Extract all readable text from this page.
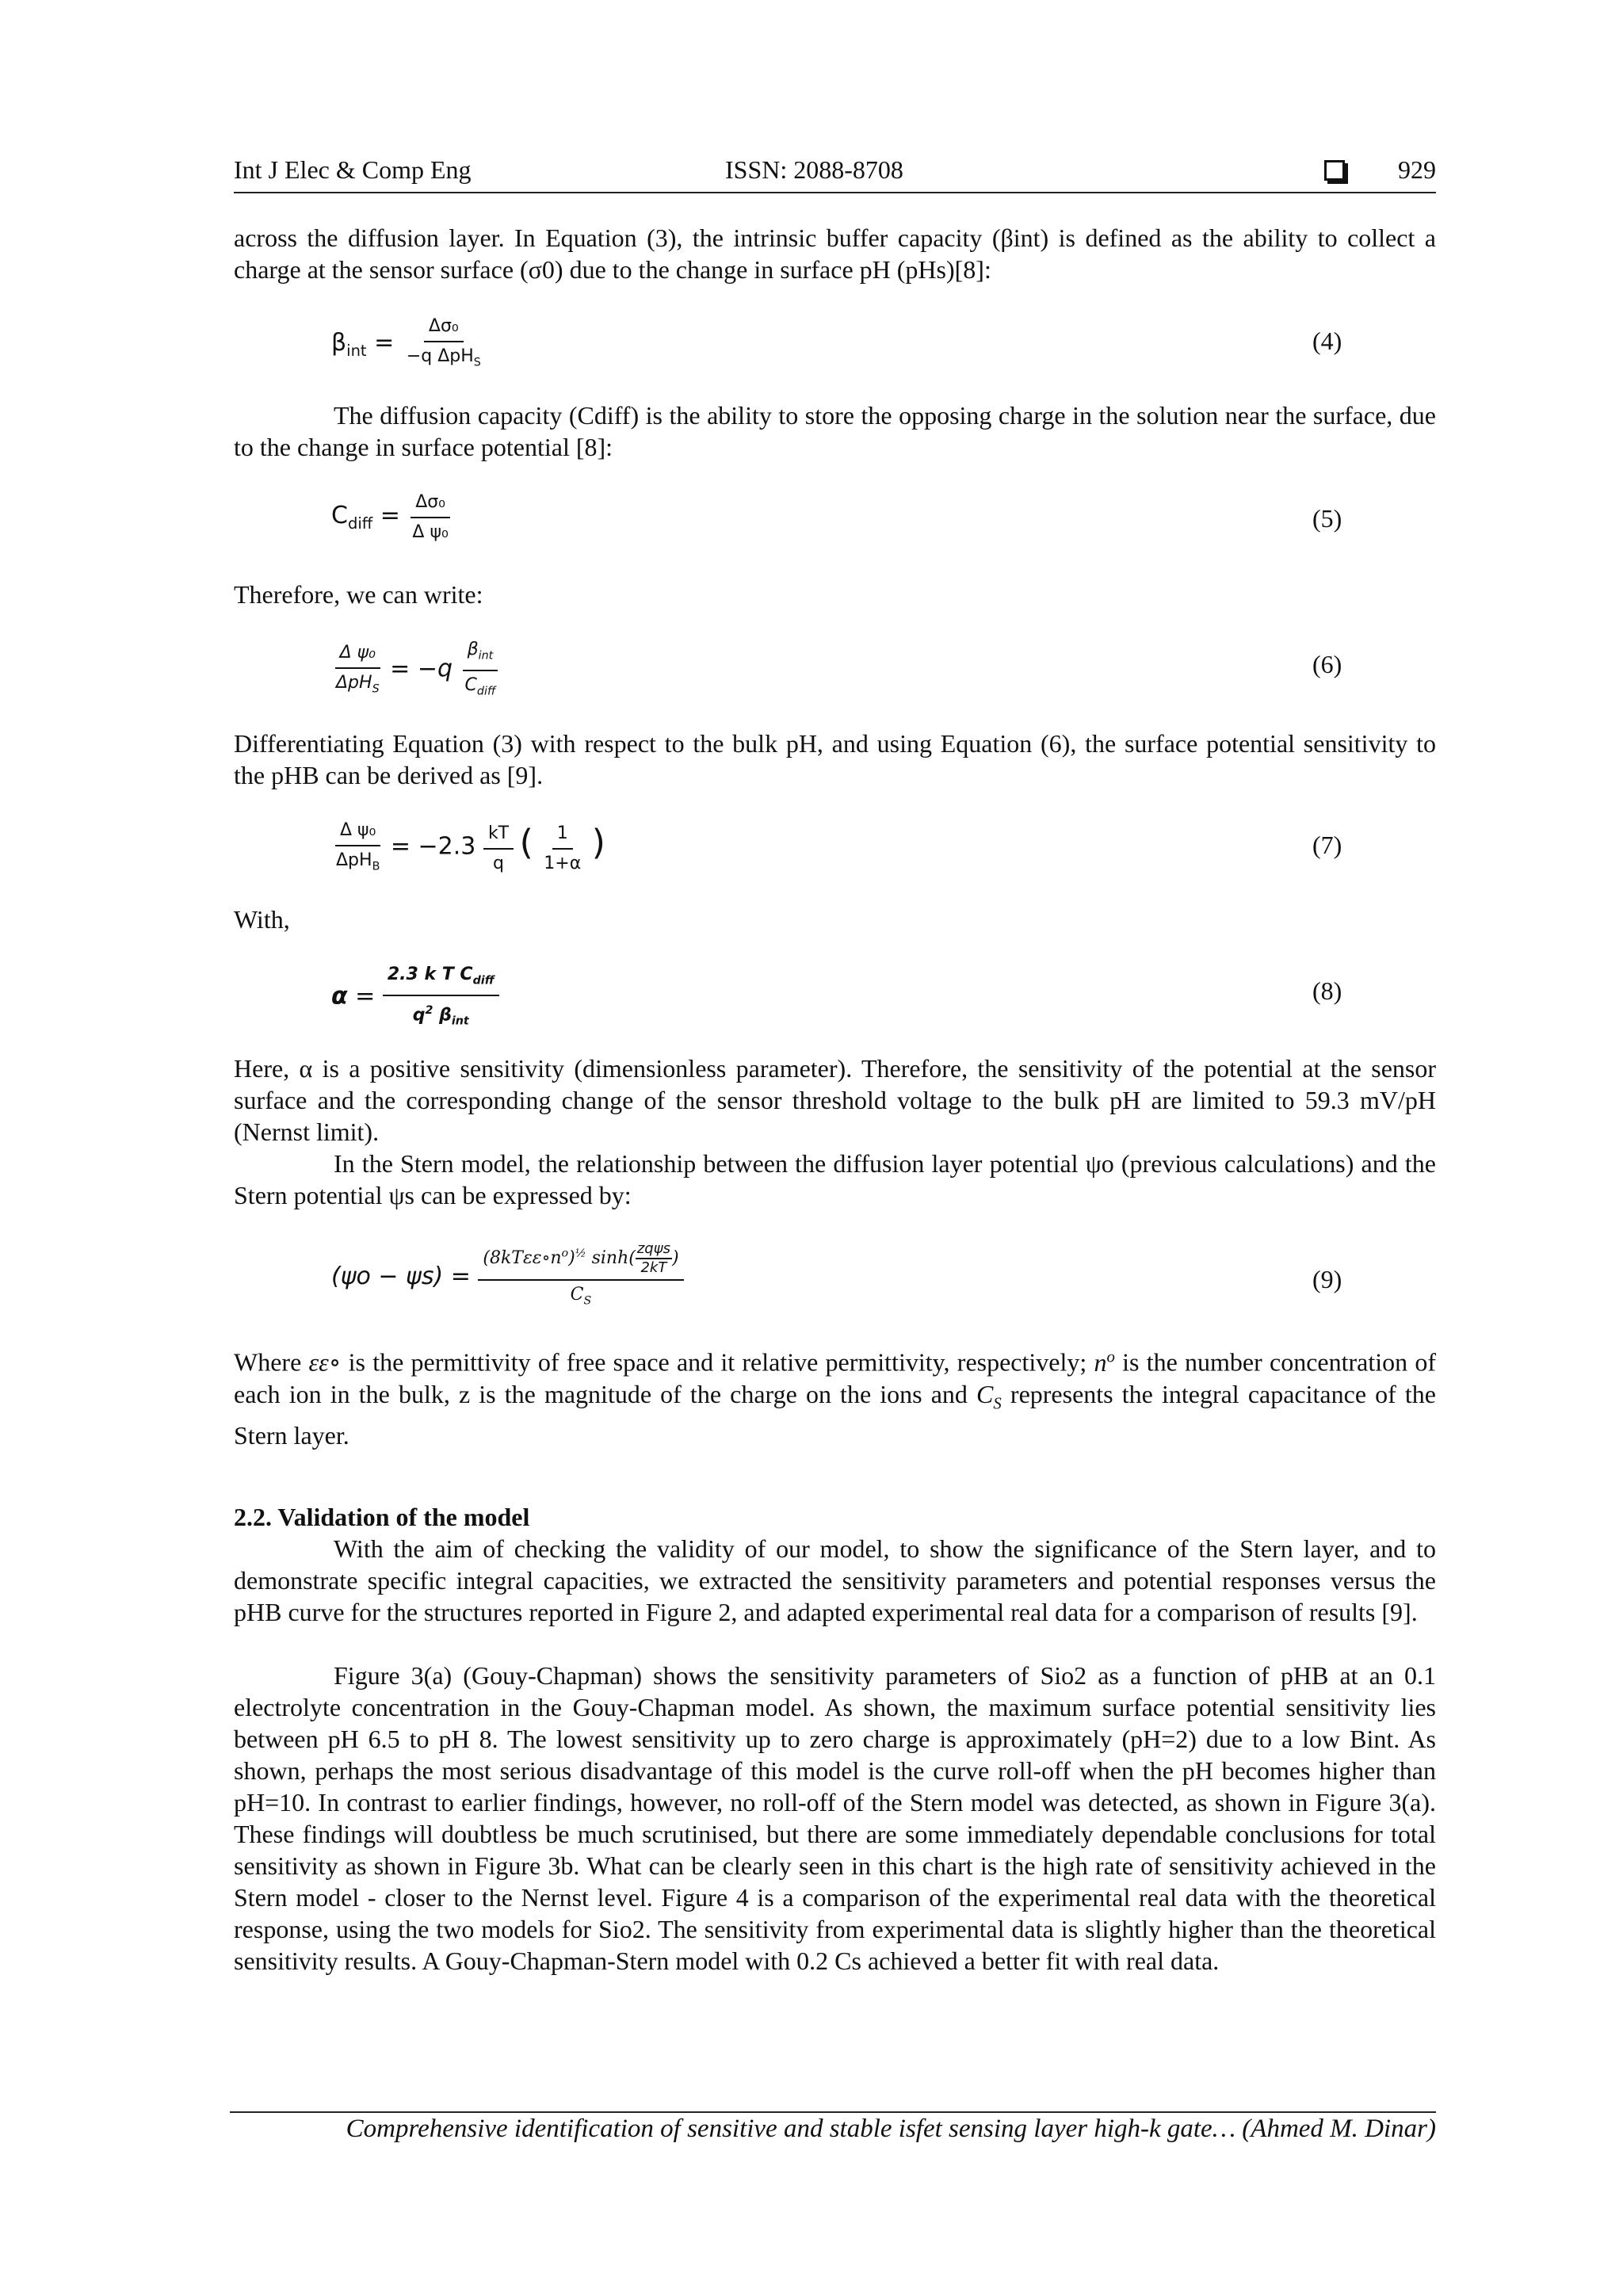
Int J Elec & Comp Eng	ISSN: 2088-8708	929

across the diffusion layer. In Equation (3), the intrinsic buffer capacity (βint) is defined as the ability to collect a charge at the sensor surface (σ0) due to the change in surface pH (pHs)[8]:

$\beta_{int} = \frac{\text{Δσ₀}}{-q \Delta pH_S}$	(4)

The diffusion capacity (Cdiff) is the ability to store the opposing charge in the solution near the surface, due to the change in surface potential [8]:

$C_{diff} = \frac{\text{Δσ₀}}{\text{Δ ψ₀}}$	(5)

Therefore, we can write:

$\frac{\text{Δ ψ₀}}{\Delta pH_S} = -q \frac{\beta_{int}}{C_{diff}}$	(6)

Differentiating Equation (3) with respect to the bulk pH, and using Equation (6), the surface potential sensitivity to the pHB can be derived as [9].

$\frac{\text{Δ ψ₀}}{\Delta pH_B} = -2.3 \frac{kT}{q}$ ( $\frac{1}{1+\alpha}$ )	(7)

With,

$\alpha = \frac{2.3 k T C_{diff}}{q^2 \beta_{int}}$	(8)

Here, α is a positive sensitivity (dimensionless parameter). Therefore, the sensitivity of the potential at the sensor surface and the corresponding change of the sensor threshold voltage to the bulk pH are limited to 59.3 mV/pH (Nernst limit).

In the Stern model, the relationship between the diffusion layer potential ψo (previous calculations) and the Stern potential ψs can be expressed by:

$(\psi o - \psi s) = \frac{(8kT\varepsilon\varepsilon\circ n^o)^{\frac{1}{2}} \sinh( \frac{\text{zqψs}}{2kT} )}{C_S}$	(9)

Where εε∘ is the permittivity of free space and it relative permittivity, respectively; $n^o$ is the number concentration of each ion in the bulk, z is the magnitude of the charge on the ions and $C_S$ represents the integral capacitance of the Stern layer.

2.2. Validation of the model

With the aim of checking the validity of our model, to show the significance of the Stern layer, and to demonstrate specific integral capacities, we extracted the sensitivity parameters and potential responses versus the pHB curve for the structures reported in Figure 2, and adapted experimental real data for a comparison of results [9].

Figure 3(a) (Gouy-Chapman) shows the sensitivity parameters of Sio2 as a function of pHB at an 0.1 electrolyte concentration in the Gouy-Chapman model. As shown, the maximum surface potential sensitivity lies between pH 6.5 to pH 8. The lowest sensitivity up to zero charge is approximately (pH=2) due to a low Bint. As shown, perhaps the most serious disadvantage of this model is the curve roll-off when the pH becomes higher than pH=10. In contrast to earlier findings, however, no roll-off of the Stern model was detected, as shown in Figure 3(a). These findings will doubtless be much scrutinised, but there are some immediately dependable conclusions for total sensitivity as shown in Figure 3b. What can be clearly seen in this chart is the high rate of sensitivity achieved in the Stern model - closer to the Nernst level. Figure 4 is a comparison of the experimental real data with the theoretical response, using the two models for Sio2. The sensitivity from experimental data is slightly higher than the theoretical sensitivity results. A Gouy-Chapman-Stern model with 0.2 Cs achieved a better fit with real data.

Comprehensive identification of sensitive and stable isfet sensing layer high-k gate… (Ahmed M. Dinar)
